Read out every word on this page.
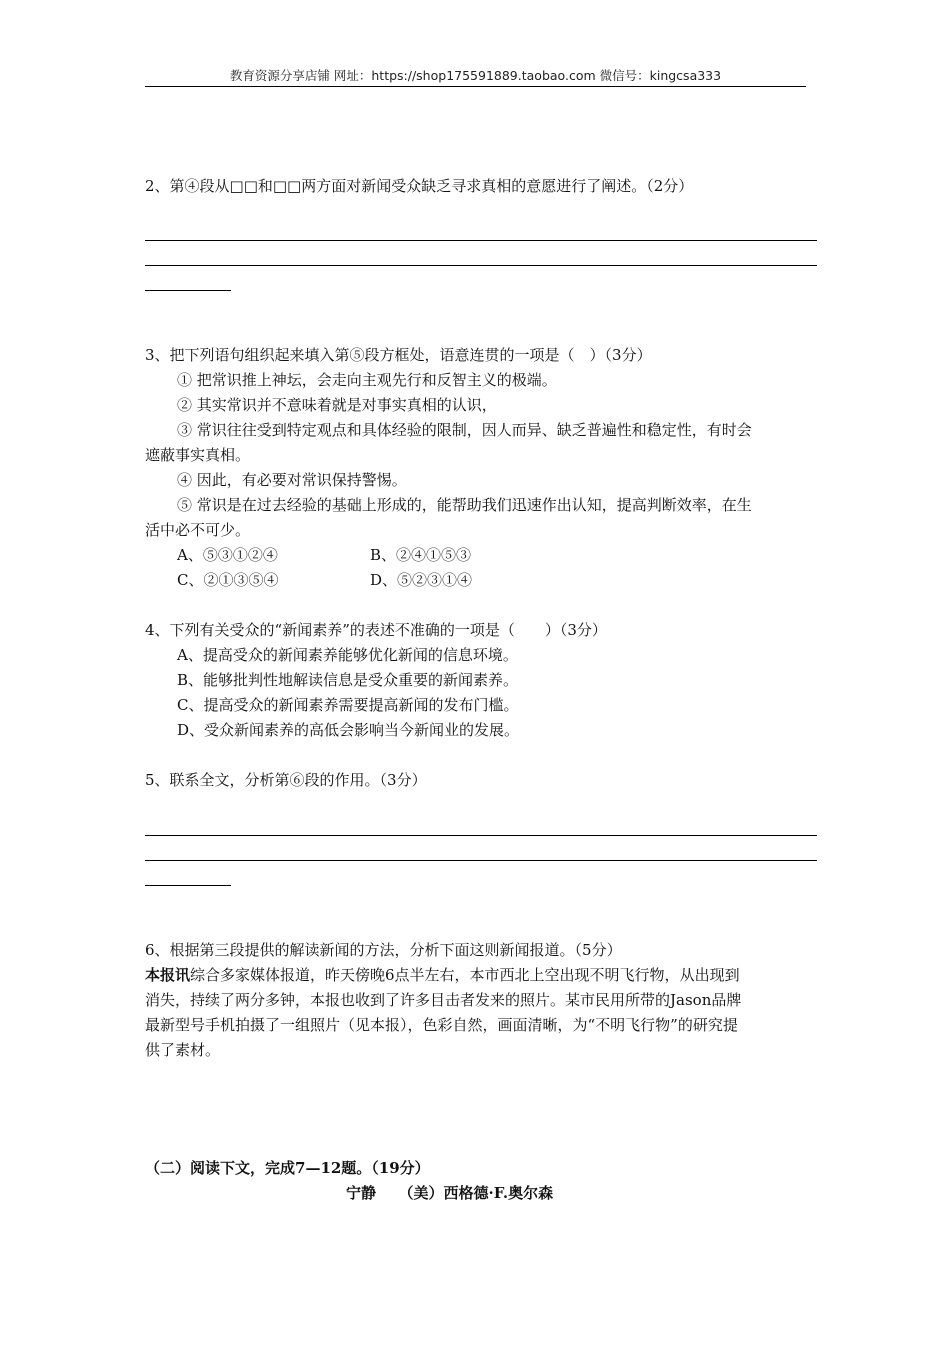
教育资源分享店铺 网址：https://shop175591889.taobao.com 微信号：kingcsa333
2、第④段从□□和□□两方面对新闻受众缺乏寻求真相的意愿进行了阐述。（2分）
3、把下列语句组织起来填入第⑤段方框处，语意连贯的一项是（　）（3分）
① 把常识推上神坛，会走向主观先行和反智主义的极端。
② 其实常识并不意味着就是对事实真相的认识，
③ 常识往往受到特定观点和具体经验的限制，因人而异、缺乏普遍性和稳定性，有时会
遮蔽事实真相。
④ 因此，有必要对常识保持警惕。
⑤ 常识是在过去经验的基础上形成的，能帮助我们迅速作出认知，提高判断效率，在生
活中必不可少。
A、⑤③①②④	B、②④①⑤③
C、②①③⑤④	D、⑤②③①④
4、下列有关受众的“新闻素养”的表述不准确的一项是（　　）（3分）
A、提高受众的新闻素养能够优化新闻的信息环境。
B、能够批判性地解读信息是受众重要的新闻素养。
C、提高受众的新闻素养需要提高新闻的发布门槛。
D、受众新闻素养的高低会影响当今新闻业的发展。
5、联系全文，分析第⑥段的作用。（3分）
6、根据第三段提供的解读新闻的方法，分析下面这则新闻报道。（5分）
本报讯综合多家媒体报道，昨天傍晚6点半左右，本市西北上空出现不明飞行物，从出现到
消失，持续了两分多钟，本报也收到了许多目击者发来的照片。某市民用所带的Jason品牌
最新型号手机拍摄了一组照片（见本报），色彩自然，画面清晰，为“不明飞行物”的研究提
供了素材。
（二）阅读下文，完成7—12题。（19分）
宁静　　（美）西格德·F.奥尔森
